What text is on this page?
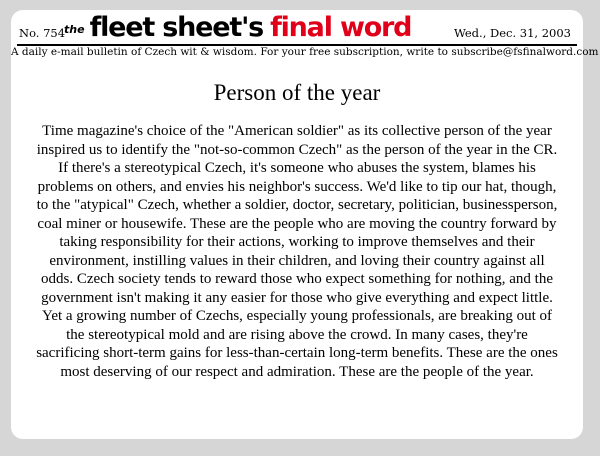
No. 754
the fleet sheet's final word	Wed., Dec. 31, 2003
A daily e-mail bulletin of Czech wit & wisdom. For your free subscription, write to subscribe@fsfinalword.com
Person of the year
Time magazine's choice of the "American soldier" as its collective person of the year inspired us to identify the "not-so-common Czech" as the person of the year in the CR. If there's a stereotypical Czech, it's someone who abuses the system, blames his problems on others, and envies his neighbor's success. We'd like to tip our hat, though, to the "atypical" Czech, whether a soldier, doctor, secretary, politician, businessperson, coal miner or housewife. These are the people who are moving the country forward by taking responsibility for their actions, working to improve themselves and their environment, instilling values in their children, and loving their country against all odds. Czech society tends to reward those who expect something for nothing, and the government isn't making it any easier for those who give everything and expect little. Yet a growing number of Czechs, especially young professionals, are breaking out of the stereotypical mold and are rising above the crowd. In many cases, they're sacrificing short-term gains for less-than-certain long-term benefits. These are the ones most deserving of our respect and admiration. These are the people of the year.
